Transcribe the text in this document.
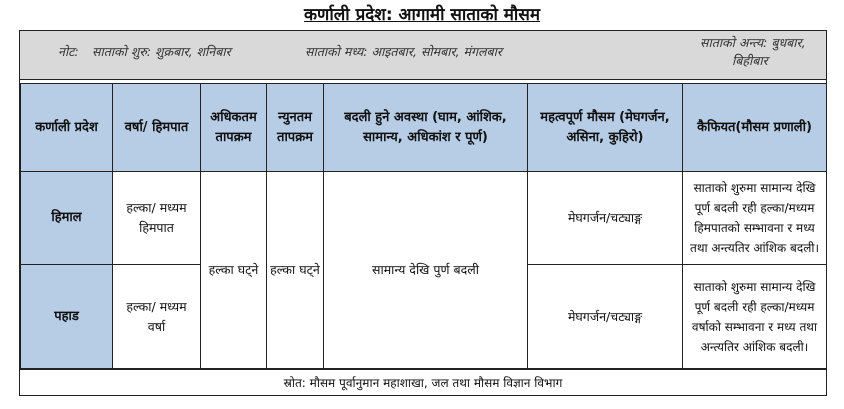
कर्णाली प्रदेश: आगामी साताको मौसम
नोट: साताको शुरु: शुक्रबार, शनिबार	साताको मध्य: आइतबार, सोमबार, मंगलबार
साताको अन्त्य: बुधबार,
बिहीबार
कर्णाली प्रदेश	वर्षा/ हिमपात	अधिकतम तापक्रम	न्युनतम तापक्रम	बदली हुने अवस्था (घाम, आंशिक, सामान्य, अधिकांश र पूर्ण)	महत्वपूर्ण मौसम (मेघगर्जन, असिना, कुहिरो)	कैफियत(मौसम प्रणाली)
हिमाल	हल्का/ मध्यम हिमपात	हल्का घट्ने	हल्का घट्ने	सामान्य देखि पुर्ण बदली	मेघगर्जन/चट्याङ्ग	साताको शुरुमा सामान्य देखि पूर्ण बदली रही हल्का/मध्यम हिमपातको सम्भावना र मध्य तथा अन्त्यतिर आंशिक बदली।
पहाड	हल्का/ मध्यम वर्षा				मेघगर्जन/चट्याङ्ग	साताको शुरुमा सामान्य देखि पूर्ण बदली रही हल्का/मध्यम वर्षाको सम्भावना र मध्य तथा अन्त्यतिर आंशिक बदली।
स्रोत: मौसम पूर्वानुमान महाशाखा, जल तथा मौसम विज्ञान विभाग
